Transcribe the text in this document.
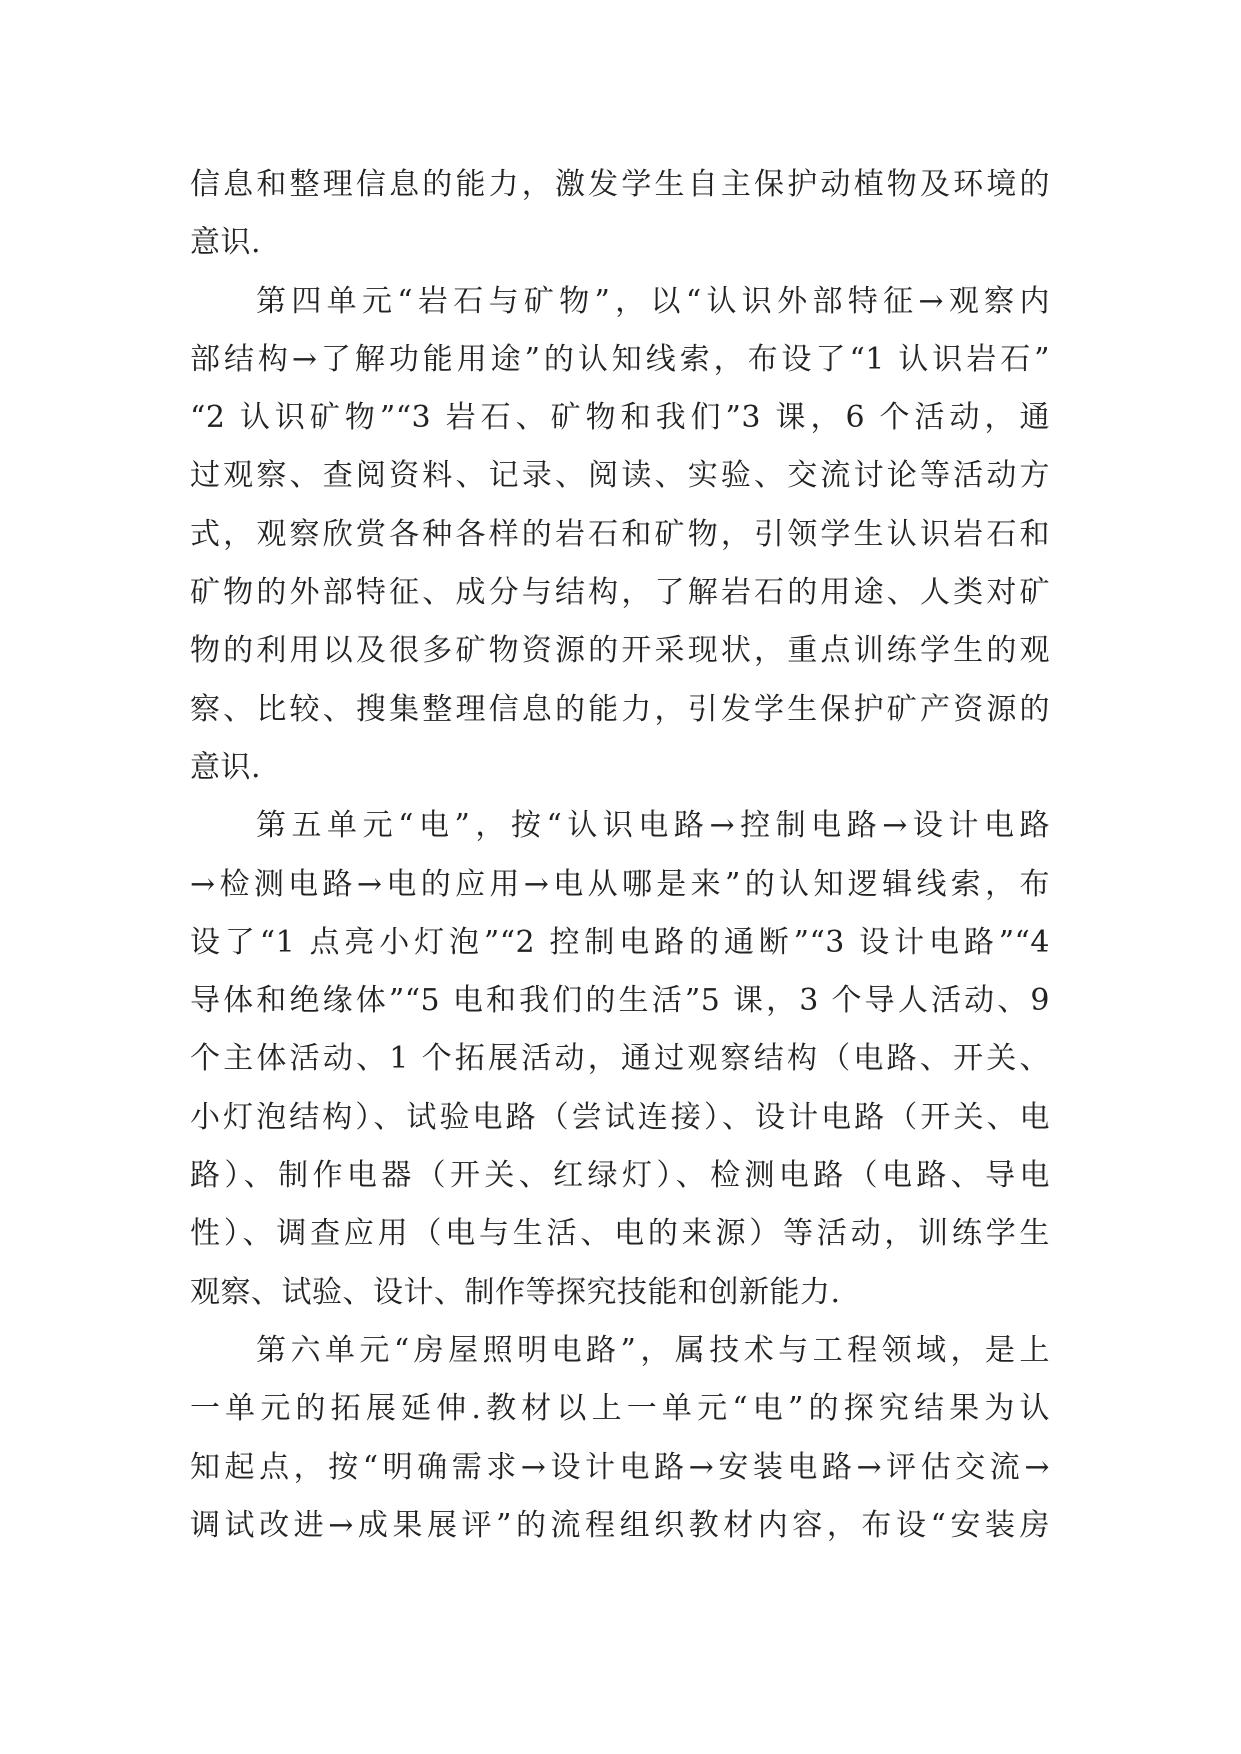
信息和整理信息的能力，激发学生自主保护动植物及环境的
意识.
第四单元“岩石与矿物”，以“认识外部特征→观察内
部结构→了解功能用途”的认知线索，布设了“1 认识岩石”
“2 认识矿物”“3 岩石、矿物和我们”3 课，6 个活动，通
过观察、查阅资料、记录、阅读、实验、交流讨论等活动方
式，观察欣赏各种各样的岩石和矿物，引领学生认识岩石和
矿物的外部特征、成分与结构，了解岩石的用途、人类对矿
物的利用以及很多矿物资源的开采现状，重点训练学生的观
察、比较、搜集整理信息的能力，引发学生保护矿产资源的
意识.
第五单元“电”，按“认识电路→控制电路→设计电路
→检测电路→电的应用→电从哪是来”的认知逻辑线索，布
设了“1 点亮小灯泡”“2 控制电路的通断”“3 设计电路”“4
导体和绝缘体”“5 电和我们的生活”5 课，3 个导人活动、9
个主体活动、1 个拓展活动，通过观察结构（电路、开关、
小灯泡结构）、试验电路（尝试连接）、设计电路（开关、电
路）、制作电器（开关、红绿灯）、检测电路（电路、导电
性）、调查应用（电与生活、电的来源）等活动，训练学生
观察、试验、设计、制作等探究技能和创新能力.
第六单元“房屋照明电路”，属技术与工程领域，是上
一单元的拓展延伸.教材以上一单元“电”的探究结果为认
知起点，按“明确需求→设计电路→安装电路→评估交流→
调试改进→成果展评”的流程组织教材内容，布设“安装房
